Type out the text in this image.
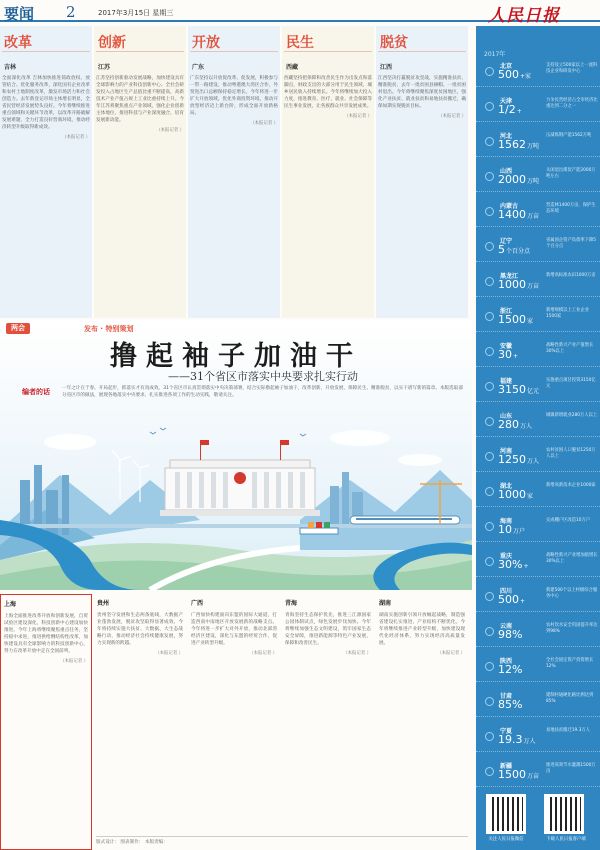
要闻 2	2017年3月15日 星期三	人民日报
改革
吉林
全面深化改革 吉林加快推进简政放权、放管结合、优化服务改革，深化国有企业改革和农村土地制度改革，激发市场活力和社会创造力。去年新登记市场主体增长明显，全省民营经济发展势头良好。今年将继续推进重点领域和关键环节改革，以改革开路破解发展难题，全力打造良好营商环境，推动经济转型升级取得新成效。
（本报记者 ）
创新
江苏
江苏坚持创新驱动发展战略，加快建设具有全球影响力的产业科技创新中心。全社会研发投入占地区生产总值比重不断提高，高新技术产业产值占规上工业比重持续上升。今年江苏将聚焦重点产业领域，强化企业创新主体地位，推进科技与产业深度融合，培育发展新动能。
（本报记者 ）
开放
广东
广东坚持以开放促改革、促发展，积极参与一带一路建设，推动粤港澳大湾区合作，外贸进出口总额保持稳定增长。今年将进一步扩大开放领域，优化外商投资环境，推动开放型经济迈上新台阶，形成全面开放新格局。
（本报记者 ）
民生
西藏
西藏坚持把保障和改善民生作为出发点和落脚点，财政支出的大部分用于民生领域，城乡居民收入持续增长。今年将继续加大投入力度，推进教育、医疗、就业、社会保障等民生事业发展，让各族群众共享发展成果。
（本报记者 ）
脱贫
江西
江西坚决打赢脱贫攻坚战，实施精准扶贫、精准脱贫，去年一批贫困县摘帽、一批贫困村退出。今年将继续聚焦深度贫困地区，强化产业扶贫、就业扶贫和易地扶贫搬迁，确保如期实现脱贫目标。
（本报记者 ）
两会	发布 · 特别策划
撸起袖子加油干
——31个省区市落实中央要求扎实行动
编者的话	一年之计在于春。开局起步，抓落实才有真成效。31个省区市认真贯彻落实中央决策部署，结合实际撸起袖子加油干，改革创新、开放发展、保障民生、精准脱贫，以实干谱写新的篇章。本版选取部分省区市的做法，展现各地落实中央要求、扎实推进各项工作的生动实践，敬请关注。
上海
上海全面推进改革开放和创新发展，自贸试验区建设深化，科技创新中心建设加快推进。今年上海将继续聚焦重点任务，坚持稳中求进，推进供给侧结构性改革，加快建设具有全球影响力的科技创新中心，努力在改革开放中走在全国前列。
（本报记者 ）
贵州
贵州坚守发展和生态两条底线，大数据产业蓬勃发展，脱贫攻坚取得显著成效。今年将持续实施大扶贫、大数据、大生态战略行动，推动经济社会持续健康发展，努力实现新的跨越。
（本报记者 ）
广西
广西加快构建面向东盟的国际大通道，打造西南中南地区开放发展新的战略支点。今年将进一步扩大对外开放，推动北部湾经济区建设，深化与东盟的经贸合作，促进产业转型升级。
（本报记者 ）
青海
青海坚持生态保护优先，推进三江源国家公园体制试点，绿色发展步伐加快。今年将继续加强生态文明建设，筑牢国家生态安全屏障，推进新能源等特色产业发展，保障和改善民生。
（本报记者 ）
湖南
湖南实施创新引领开放崛起战略，制造强省建设扎实推进，产业结构不断优化。今年将继续推进产业转型升级，加快建设现代化经济体系，努力实现经济高质量发展。
（本报记者 ）
版式设计： 图表制作： 本版责编：
2017年
北京
500+家
支持设立500家以上一流科技企业和研发中心
天津
1/2+
力争民营经济占全市经济比重达到二分之一
河北
1562万吨
压减炼钢产能1562万吨
山西
2000万吨
关闭退出煤炭产能2000万吨左右
内蒙古
1400万亩
营造林1400万亩，保护生态环境
辽宁
5个百分点
省属国企资产负债率下降5个百分点
黑龙江
1000万亩
新增高标准农田1000万亩
浙江
1500家
新增规模以上工业企业1500家
安徽
30+
战略性新兴产业产值增长30%以上
福建
3150亿元
实施重点项目投资3150亿元
山东
280万人
城镇新增就业280万人以上
河南
1250万人
农村贫困人口脱贫1250万人以上
湖北
1000家
新增高新技术企业1000家
海南
10万户
完成棚户区改造10万户
重庆
30%+
战略性新兴产业增加值增长30%以上
四川
500+
新建500个以上村级综合服务中心
云南
98%
农村饮水安全巩固提升率达到98%
陕西
12%
全社会固定资产投资增长12%
甘肃
85%
建制村通硬化路比例达到85%
宁夏
19.3万人
易地扶贫搬迁19.3万人
新疆
1500万亩
推进高效节水灌溉1500万亩
关注人民日报微信	下载人民日报客户端
